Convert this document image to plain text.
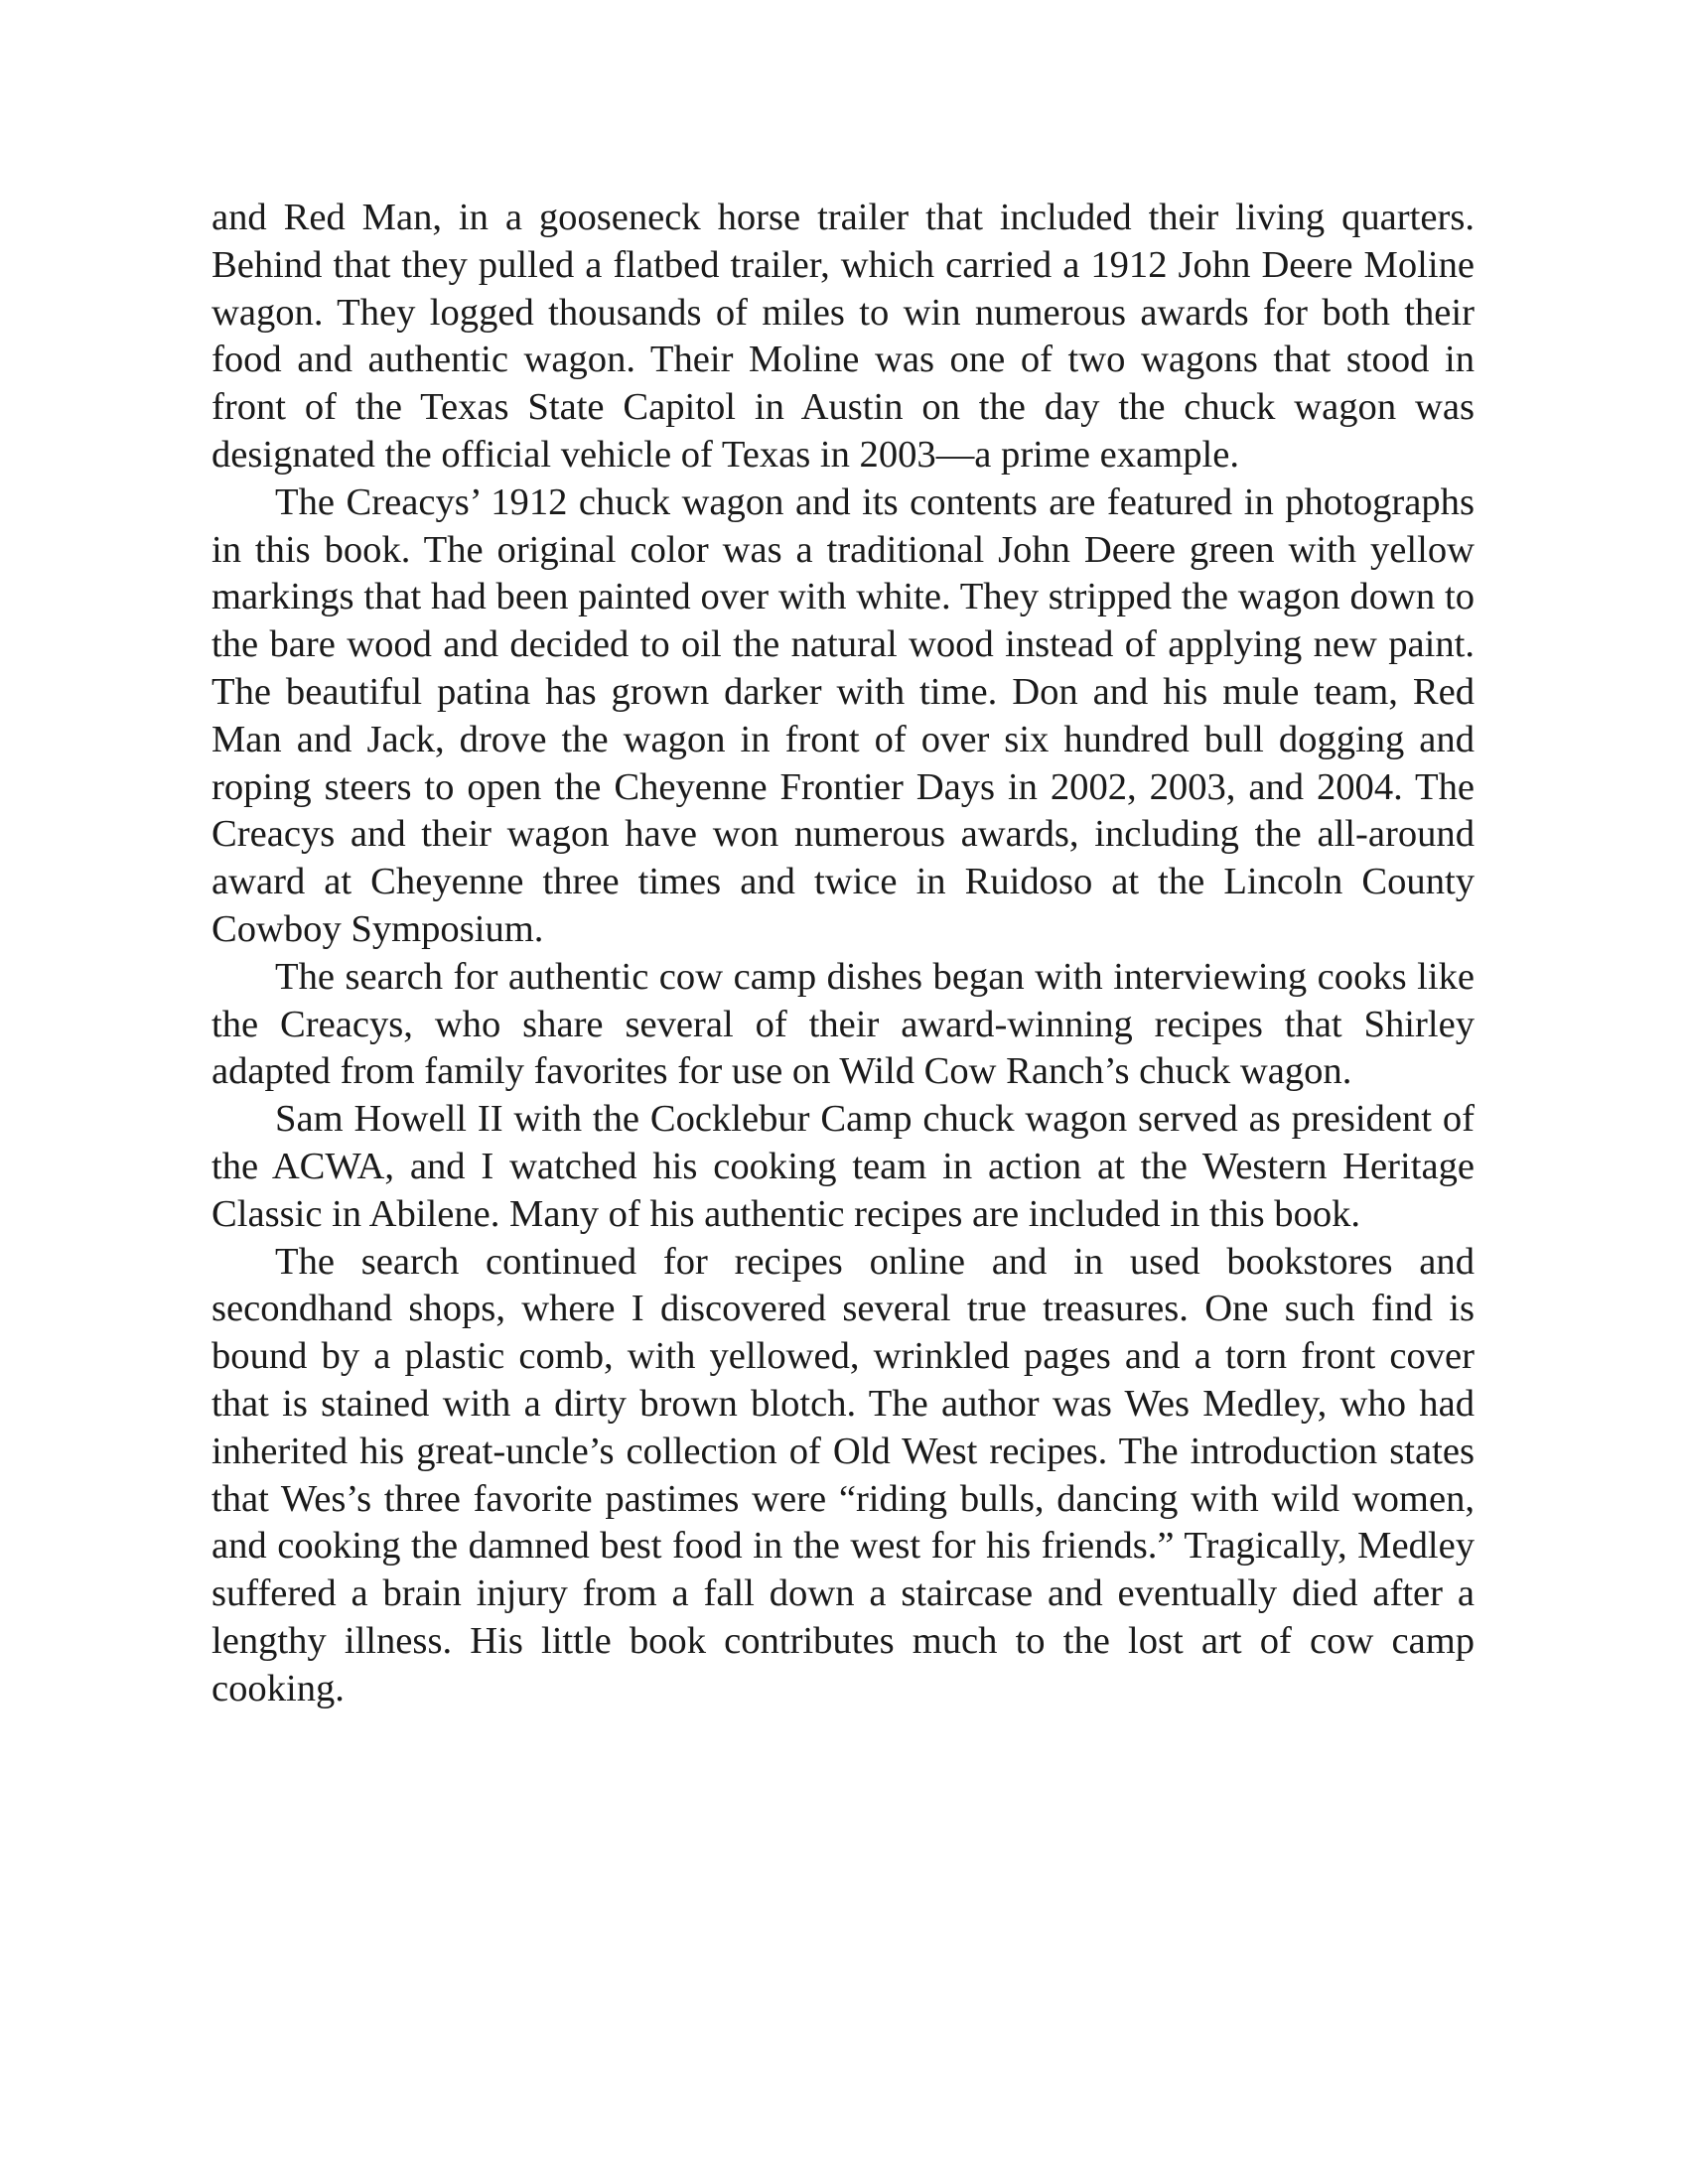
and Red Man, in a gooseneck horse trailer that included their living quarters. Behind that they pulled a flatbed trailer, which carried a 1912 John Deere Moline wagon. They logged thousands of miles to win numerous awards for both their food and authentic wagon. Their Moline was one of two wagons that stood in front of the Texas State Capitol in Austin on the day the chuck wagon was designated the official vehicle of Texas in 2003—a prime example.

The Creacys’ 1912 chuck wagon and its contents are featured in photographs in this book. The original color was a traditional John Deere green with yellow markings that had been painted over with white. They stripped the wagon down to the bare wood and decided to oil the natural wood instead of applying new paint. The beautiful patina has grown darker with time. Don and his mule team, Red Man and Jack, drove the wagon in front of over six hundred bull dogging and roping steers to open the Cheyenne Frontier Days in 2002, 2003, and 2004. The Creacys and their wagon have won numerous awards, including the all-around award at Cheyenne three times and twice in Ruidoso at the Lincoln County Cowboy Symposium.

The search for authentic cow camp dishes began with interviewing cooks like the Creacys, who share several of their award-winning recipes that Shirley adapted from family favorites for use on Wild Cow Ranch’s chuck wagon.

Sam Howell II with the Cocklebur Camp chuck wagon served as president of the ACWA, and I watched his cooking team in action at the Western Heritage Classic in Abilene. Many of his authentic recipes are included in this book.

The search continued for recipes online and in used bookstores and secondhand shops, where I discovered several true treasures. One such find is bound by a plastic comb, with yellowed, wrinkled pages and a torn front cover that is stained with a dirty brown blotch. The author was Wes Medley, who had inherited his great-uncle’s collection of Old West recipes. The introduction states that Wes’s three favorite pastimes were “riding bulls, dancing with wild women, and cooking the damned best food in the west for his friends.” Tragically, Medley suffered a brain injury from a fall down a staircase and eventually died after a lengthy illness. His little book contributes much to the lost art of cow camp cooking.
